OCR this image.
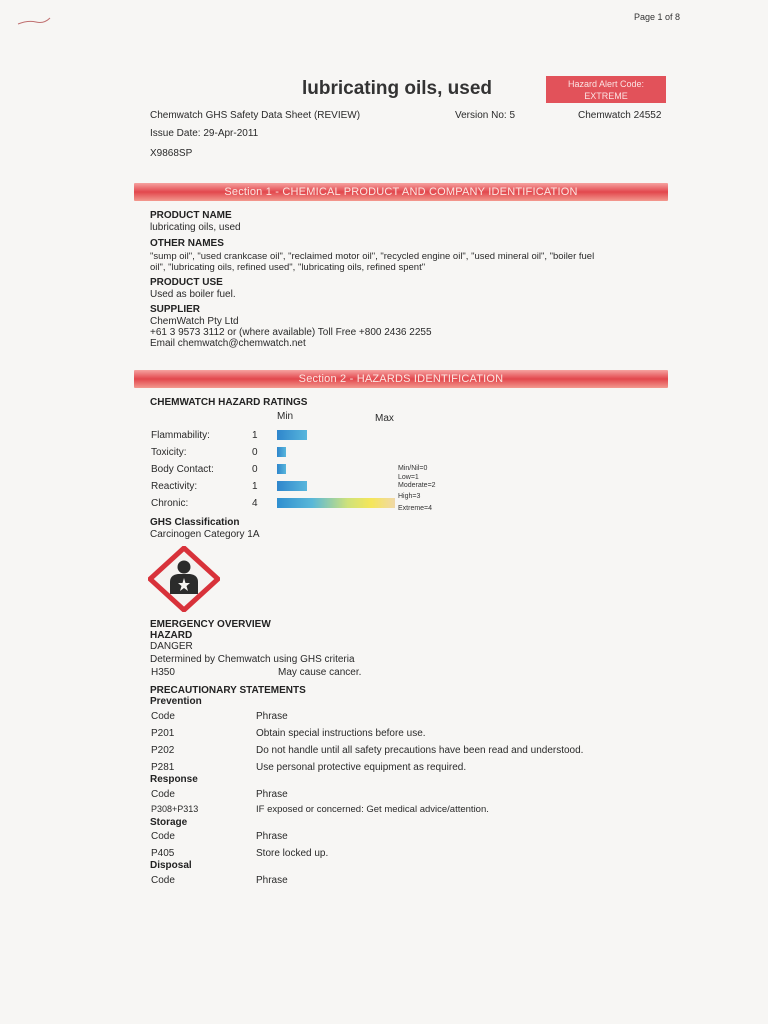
Page 1 of 8
lubricating oils, used	Hazard Alert Code:
EXTREME
Chemwatch GHS Safety Data Sheet (REVIEW)	Version No: 5	Chemwatch 24552
Issue Date: 29-Apr-2011
X9868SP
Section 1 - CHEMICAL PRODUCT AND COMPANY IDENTIFICATION
PRODUCT NAME
lubricating oils, used
OTHER NAMES
"sump oil", "used crankcase oil", "reclaimed motor oil", "recycled engine oil", "used mineral oil", "boiler fuel
oil", "lubricating oils, refined used", "lubricating oils, refined spent"
PRODUCT USE
Used as boiler fuel.
SUPPLIER
ChemWatch Pty Ltd
+61 3 9573 3112 or (where available) Toll Free +800 2436 2255
Email chemwatch@chemwatch.net
Section 2 - HAZARDS IDENTIFICATION
CHEMWATCH HAZARD RATINGS
Min	Max
Flammability:	1
Toxicity:	0
Body Contact:	0
Reactivity:	1
Chronic:	4
Min/Nil=0
Low=1
Moderate=2
High=3
Extreme=4
GHS Classification
Carcinogen Category 1A
EMERGENCY OVERVIEW
HAZARD
DANGER
Determined by Chemwatch using GHS criteria
H350	May cause cancer.
PRECAUTIONARY STATEMENTS
Prevention
Code	Phrase
P201	Obtain special instructions before use.
P202	Do not handle until all safety precautions have been read and understood.
P281	Use personal protective equipment as required.
Response
Code	Phrase
P308+P313	IF exposed or concerned: Get medical advice/attention.
Storage
Code	Phrase
P405	Store locked up.
Disposal
Code	Phrase
